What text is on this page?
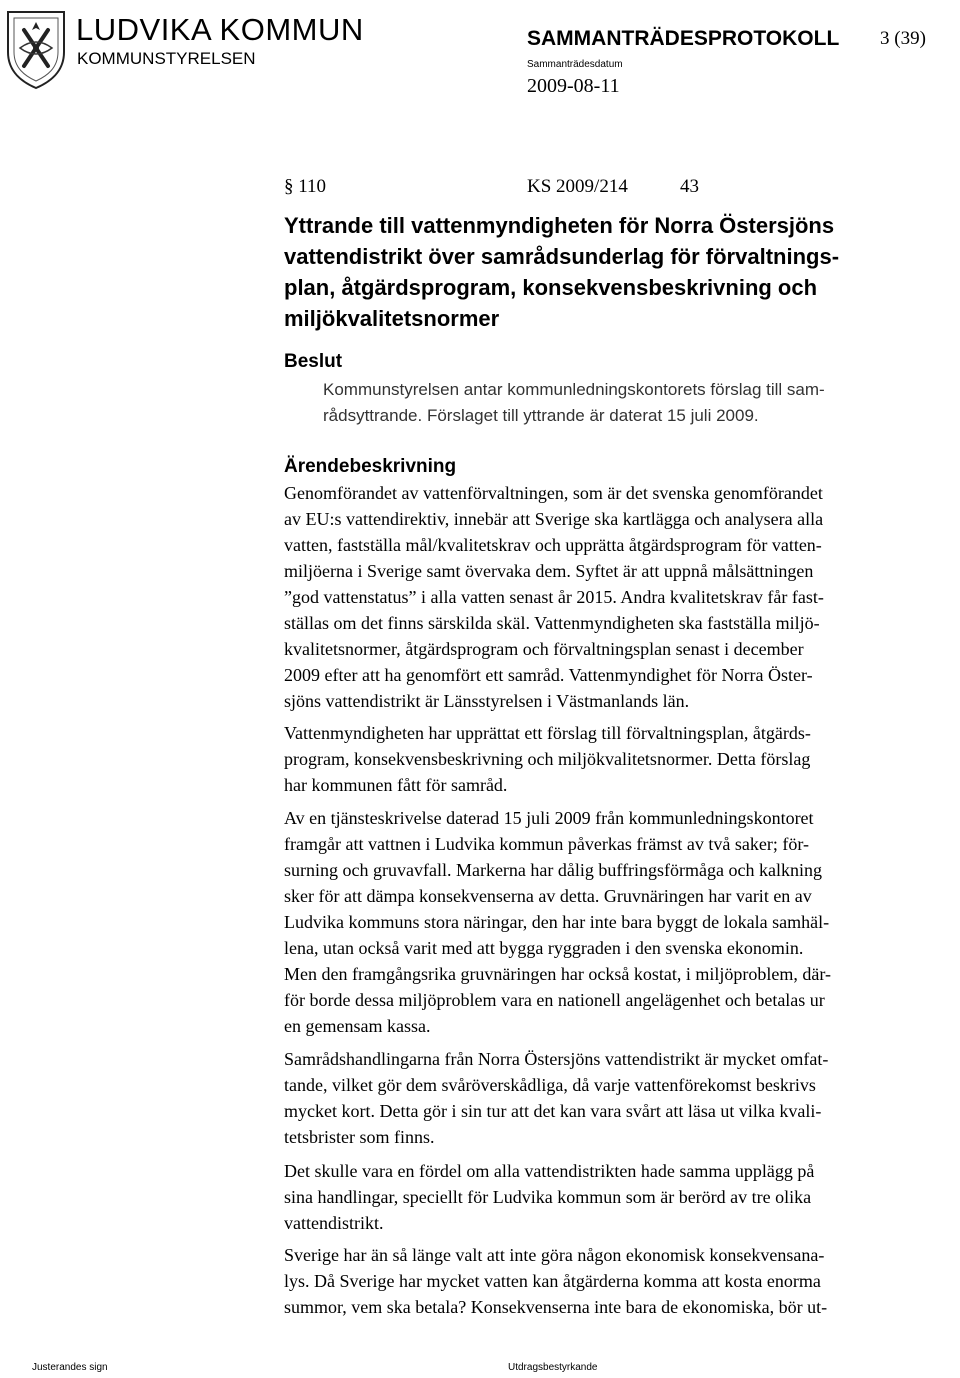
LUDVIKA KOMMUN
KOMMUNSTYRELSEN
SAMMANTRÄDESPROTOKOLL 3 (39)
Sammanträdesdatum
2009-08-11
§ 110	KS 2009/214	43
Yttrande till vattenmyndigheten för Norra Östersjöns
vattendistrikt över samrådsunderlag för förvaltnings-
plan, åtgärdsprogram, konsekvensbeskrivning och
miljökvalitetsnormer
Beslut
Kommunstyrelsen antar kommunledningskontorets förslag till sam-
rådsyttrande. Förslaget till yttrande är daterat 15 juli 2009.
Ärendebeskrivning

Genomförandet av vattenförvaltningen, som är det svenska genomförandet
av EU:s vattendirektiv, innebär att Sverige ska kartlägga och analysera alla
vatten, fastställa mål/kvalitetskrav och upprätta åtgärdsprogram för vatten-
miljöerna i Sverige samt övervaka dem. Syftet är att uppnå målsättningen
”god vattenstatus” i alla vatten senast år 2015. Andra kvalitetskrav får fast-
ställas om det finns särskilda skäl. Vattenmyndigheten ska fastställa miljö-
kvalitetsnormer, åtgärdsprogram och förvaltningsplan senast i december
2009 efter att ha genomfört ett samråd. Vattenmyndighet för Norra Öster-
sjöns vattendistrikt är Länsstyrelsen i Västmanlands län.

Vattenmyndigheten har upprättat ett förslag till förvaltningsplan, åtgärds-
program, konsekvensbeskrivning och miljökvalitetsnormer. Detta förslag
har kommunen fått för samråd.

Av en tjänsteskrivelse daterad 15 juli 2009 från kommunledningskontoret
framgår att vattnen i Ludvika kommun påverkas främst av två saker; för-
surning och gruvavfall. Markerna har dålig buffringsförmåga och kalkning
sker för att dämpa konsekvenserna av detta. Gruvnäringen har varit en av
Ludvika kommuns stora näringar, den har inte bara byggt de lokala samhäl-
lena, utan också varit med att bygga ryggraden i den svenska ekonomin.
Men den framgångsrika gruvnäringen har också kostat, i miljöproblem, där-
för borde dessa miljöproblem vara en nationell angelägenhet och betalas ur
en gemensam kassa.

Samrådshandlingarna från Norra Östersjöns vattendistrikt är mycket omfat-
tande, vilket gör dem svåröverskådliga, då varje vattenförekomst beskrivs
mycket kort. Detta gör i sin tur att det kan vara svårt att läsa ut vilka kvali-
tetsbrister som finns.

Det skulle vara en fördel om alla vattendistrikten hade samma upplägg på
sina handlingar, speciellt för Ludvika kommun som är berörd av tre olika
vattendistrikt.

Sverige har än så länge valt att inte göra någon ekonomisk konsekvensana-
lys. Då Sverige har mycket vatten kan åtgärderna komma att kosta enorma
summor, vem ska betala? Konsekvenserna inte bara de ekonomiska, bör ut-

Justerandes sign	Utdragsbestyrkande
